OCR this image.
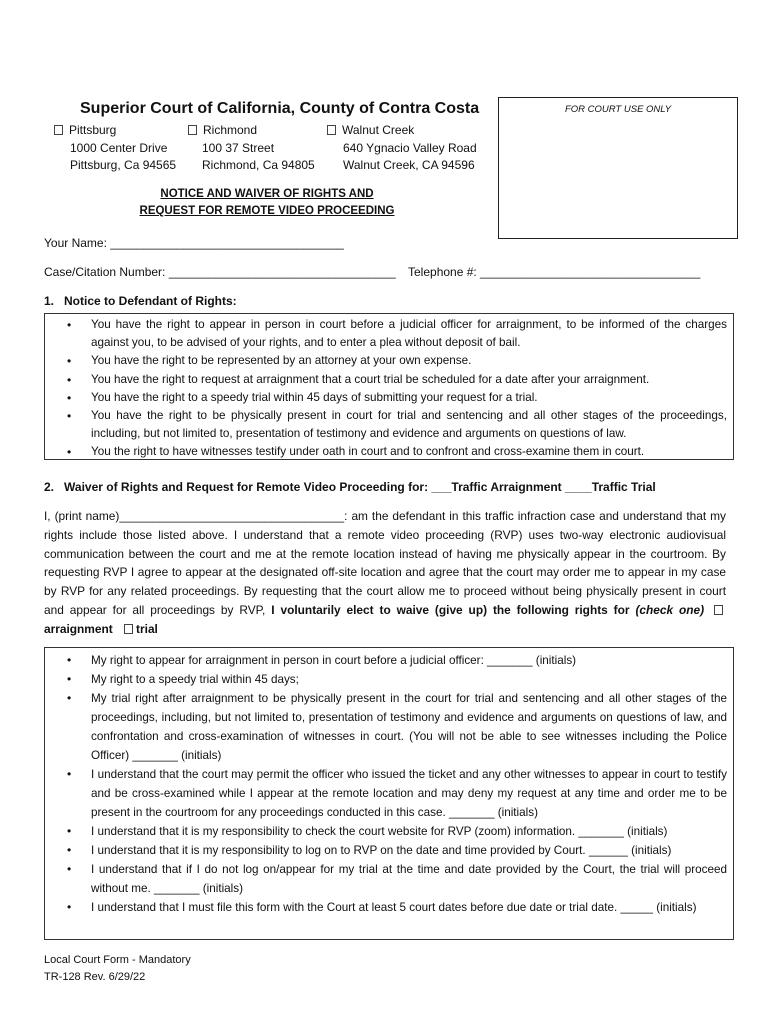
Superior Court of California, County of Contra Costa	FOR COURT USE ONLY
Pittsburg
1000 Center Drive
Pittsburg, Ca 94565
Richmond
100 37 Street
Richmond, Ca 94805
Walnut Creek
640 Ygnacio Valley Road
Walnut Creek, CA 94596
NOTICE AND WAIVER OF RIGHTS AND
REQUEST FOR REMOTE VIDEO PROCEEDING
Your Name: ___________________________________
Case/Citation Number: __________________________________ Telephone #: _________________________________
1.   Notice to Defendant of Rights:
• You have the right to appear in person in court before a judicial officer for arraignment, to be informed of the charges against you, to be advised of your rights, and to enter a plea without deposit of bail.
• You have the right to be represented by an attorney at your own expense.
• You have the right to request at arraignment that a court trial be scheduled for a date after your arraignment.
• You have the right to a speedy trial within 45 days of submitting your request for a trial.
• You have the right to be physically present in court for trial and sentencing and all other stages of the proceedings, including, but not limited to, presentation of testimony and evidence and arguments on questions of law.
• You the right to have witnesses testify under oath in court and to confront and cross-examine them in court.
2.   Waiver of Rights and Request for Remote Video Proceeding for: ___Traffic Arraignment ____Traffic Trial
I, (print name)__________________________________: am the defendant in this traffic infraction case and understand that my rights include those listed above. I understand that a remote video proceeding (RVP) uses two-way electronic audiovisual communication between the court and me at the remote location instead of having me physically appear in the courtroom. By requesting RVP I agree to appear at the designated off-site location and agree that the court may order me to appear in my case by RVP for any related proceedings. By requesting that the court allow me to proceed without being physically present in court and appear for all proceedings by RVP, I voluntarily elect to waive (give up) the following rights for (check one) arraignment trial
• My right to appear for arraignment in person in court before a judicial officer: _______ (initials)
• My right to a speedy trial within 45 days;
• My trial right after arraignment to be physically present in the court for trial and sentencing and all other stages of the proceedings, including, but not limited to, presentation of testimony and evidence and arguments on questions of law, and confrontation and cross-examination of witnesses in court. (You will not be able to see witnesses including the Police Officer) _______ (initials)
• I understand that the court may permit the officer who issued the ticket and any other witnesses to appear in court to testify and be cross-examined while I appear at the remote location and may deny my request at any time and order me to be present in the courtroom for any proceedings conducted in this case. _______ (initials)
• I understand that it is my responsibility to check the court website for RVP (zoom) information. _______ (initials)
• I understand that it is my responsibility to log on to RVP on the date and time provided by Court. ______ (initials)
• I understand that if I do not log on/appear for my trial at the time and date provided by the Court, the trial will proceed without me. _______ (initials)
• I understand that I must file this form with the Court at least 5 court dates before due date or trial date. _____ (initials)
Local Court Form - Mandatory
TR-128 Rev. 6/29/22
